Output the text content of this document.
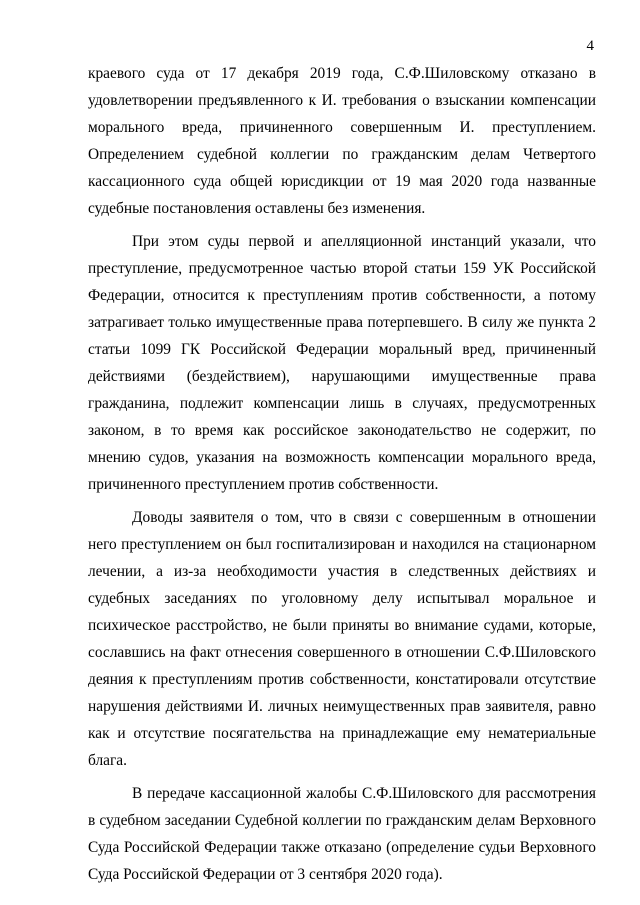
4

краевого суда от 17 декабря 2019 года, С.Ф.Шиловскому отказано в удовлетворении предъявленного к И. требования о взыскании компенсации морального вреда, причиненного совершенным И. преступлением. Определением судебной коллегии по гражданским делам Четвертого кассационного суда общей юрисдикции от 19 мая 2020 года названные судебные постановления оставлены без изменения.

При этом суды первой и апелляционной инстанций указали, что преступление, предусмотренное частью второй статьи 159 УК Российской Федерации, относится к преступлениям против собственности, а потому затрагивает только имущественные права потерпевшего. В силу же пункта 2 статьи 1099 ГК Российской Федерации моральный вред, причиненный действиями (бездействием), нарушающими имущественные права гражданина, подлежит компенсации лишь в случаях, предусмотренных законом, в то время как российское законодательство не содержит, по мнению судов, указания на возможность компенсации морального вреда, причиненного преступлением против собственности.

Доводы заявителя о том, что в связи с совершенным в отношении него преступлением он был госпитализирован и находился на стационарном лечении, а из-за необходимости участия в следственных действиях и судебных заседаниях по уголовному делу испытывал моральное и психическое расстройство, не были приняты во внимание судами, которые, сославшись на факт отнесения совершенного в отношении С.Ф.Шиловского деяния к преступлениям против собственности, констатировали отсутствие нарушения действиями И. личных неимущественных прав заявителя, равно как и отсутствие посягательства на принадлежащие ему нематериальные блага.

В передаче кассационной жалобы С.Ф.Шиловского для рассмотрения в судебном заседании Судебной коллегии по гражданским делам Верховного Суда Российской Федерации также отказано (определение судьи Верховного Суда Российской Федерации от 3 сентября 2020 года).
